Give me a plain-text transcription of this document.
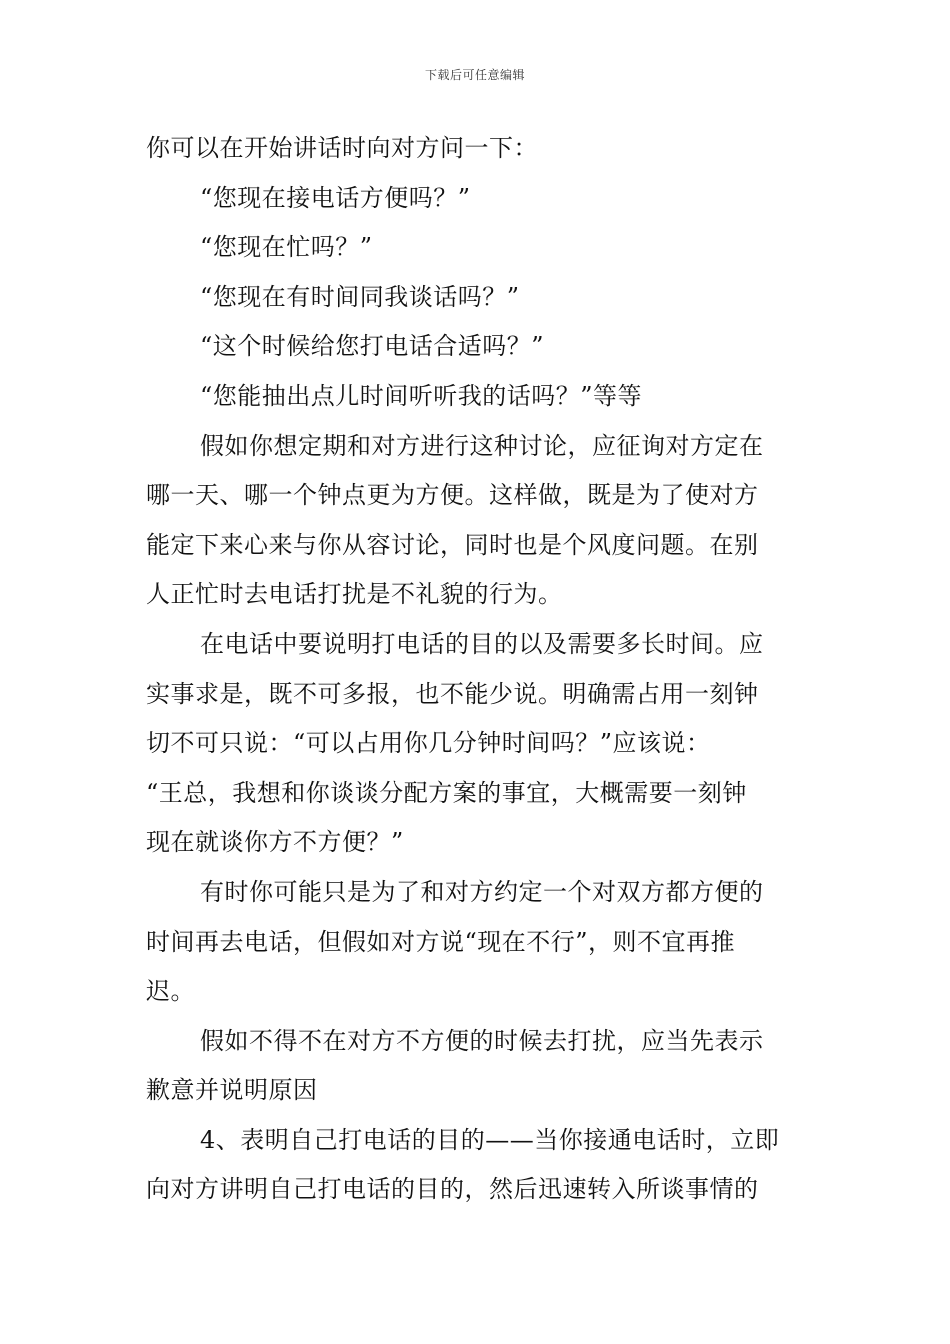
下载后可任意编辑
你可以在开始讲话时向对方问一下：
“您现在接电话方便吗？”
“您现在忙吗？”
“您现在有时间同我谈话吗？”
“这个时候给您打电话合适吗？”
“您能抽出点儿时间听听我的话吗？”等等
假如你想定期和对方进行这种讨论，应征询对方定在
哪一天、哪一个钟点更为方便。这样做，既是为了使对方
能定下来心来与你从容讨论，同时也是个风度问题。在别
人正忙时去电话打扰是不礼貌的行为。
在电话中要说明打电话的目的以及需要多长时间。应
实事求是，既不可多报，也不能少说。明确需占用一刻钟
切不可只说：“可以占用你几分钟时间吗？”应该说：
“王总，我想和你谈谈分配方案的事宜，大概需要一刻钟
现在就谈你方不方便？”
有时你可能只是为了和对方约定一个对双方都方便的
时间再去电话，但假如对方说“现在不行”，则不宜再推
迟。
假如不得不在对方不方便的时候去打扰，应当先表示
歉意并说明原因
4、表明自己打电话的目的——当你接通电话时，立即
向对方讲明自己打电话的目的，然后迅速转入所谈事情的
